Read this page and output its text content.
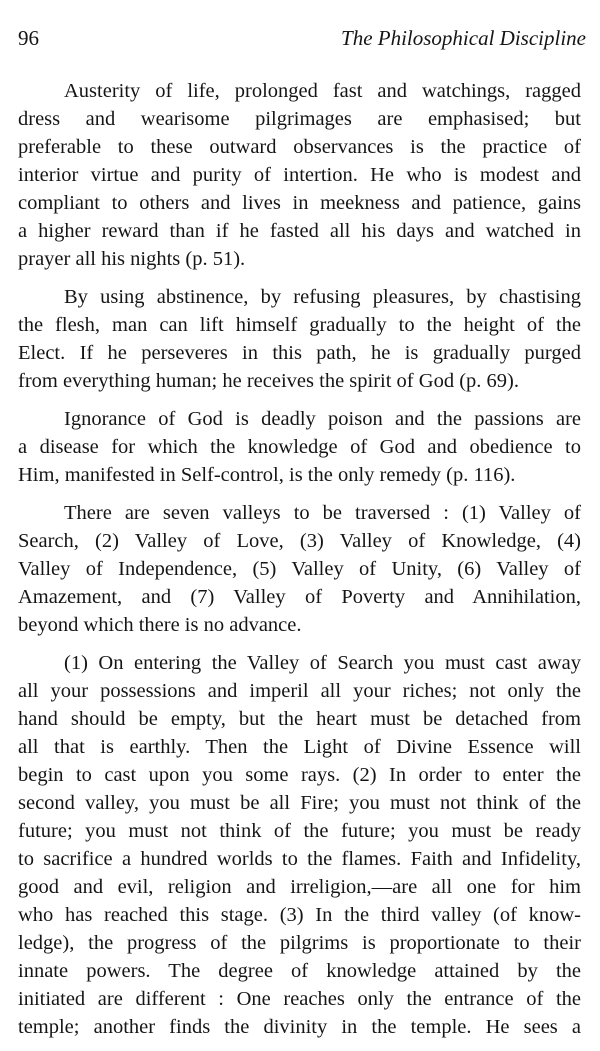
96	The Philosophical Discipline
Austerity of life, prolonged fast and watchings, ragged
dress and wearisome pilgrimages are emphasised; but
preferable to these outward observances is the practice of
interior virtue and purity of intertion. He who is modest and
compliant to others and lives in meekness and patience, gains
a higher reward than if he fasted all his days and watched in
prayer all his nights (p. 51).
By using abstinence, by refusing pleasures, by chastising
the flesh, man can lift himself gradually to the height of the
Elect. If he perseveres in this path, he is gradually purged
from everything human; he receives the spirit of God (p. 69).
Ignorance of God is deadly poison and the passions are
a disease for which the knowledge of God and obedience to
Him, manifested in Self-control, is the only remedy (p. 116).
There are seven valleys to be traversed : (1) Valley of
Search, (2) Valley of Love, (3) Valley of Knowledge, (4)
Valley of Independence, (5) Valley of Unity, (6) Valley of
Amazement, and (7) Valley of Poverty and Annihilation,
beyond which there is no advance.
(1) On entering the Valley of Search you must cast away
all your possessions and imperil all your riches; not only the
hand should be empty, but the heart must be detached from
all that is earthly. Then the Light of Divine Essence will
begin to cast upon you some rays. (2) In order to enter the
second valley, you must be all Fire; you must not think of the
future; you must not think of the future; you must be ready
to sacrifice a hundred worlds to the flames. Faith and Infidelity,
good and evil, religion and irreligion,—are all one for him
who has reached this stage. (3) In the third valley (of know-
ledge), the progress of the pilgrims is proportionate to their
innate powers. The degree of knowledge attained by the
initiated are different : One reaches only the entrance of the
temple; another finds the divinity in the temple. He sees a
